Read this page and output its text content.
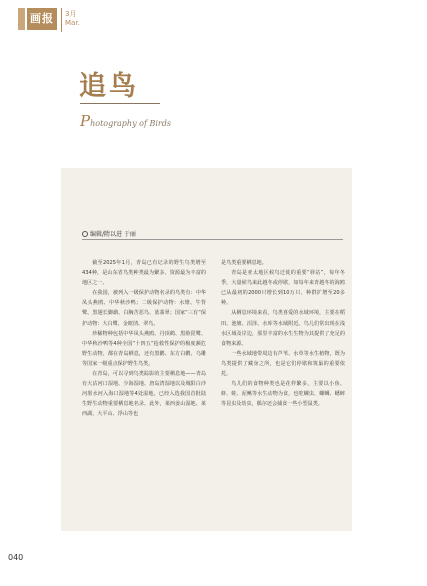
画报	3月
Mar.
追鸟
Photography of Birds
编辑/隋以进 于丽

截至2025年1月，青岛已有记录的野生鸟类增至434种，是山东省鸟类种类最为繁多、资源最为丰富的地区之一。

在我国，被列入一级保护动物名录的鸟类有：中华凤头燕鸥、中华秋沙鸭；二级保护动物：水雉、牛背鹭、黑翅长脚鹬、白胸苦恶鸟、蓝翡翠；国家“三有”保护动物：大白鹭、金眶鸻、翠鸟。

珍稀物种包括中华凤头燕鸥、丹顶鹤、黑脸琵鹭、中华秋沙鸭等4种全国“十四五”抢救性保护的极度濒危野生动物，都在青岛栖息，还有黑鹳、东方白鹳、乌雕等国家一级重点保护野生鸟类。

在青岛，可以寻到鸟类踪影的主要栖息地——青岛有大沽河口湿地、少海湿地、唐岛湾湿地以及城阳白沙河墨水河入海口湿地等4处湿地，已经入选我国首批陆生野生动物重要栖息地名录。此外，莱西姜山湿地、莱西湖、大平山、浮山等也

是鸟类重要栖息地。

青岛是亚太地区候鸟迁徙的重要“驿站”，每年冬季，大量候鸟来此越冬或停歇，如每年来青越冬的海鸥已从最初的2000只增长到10万只、种群扩增至20多种。

从栖息环境来看，鸟类喜爱的水域环境，主要在稻田、池塘、沼泽、水库等水域附近。鸟儿们常出现在浅水区域及岸边，那里丰富的水生生物为其提供了充足的食物来源。

一些水域地带周边有芦苇、水草等水生植物，既为鸟类提供了藏身之所，也是它们停歇和筑巢的重要依托。

鸟儿们的食物种类也是花样繁多，主要以小鱼、虾、蛙、泥鳅等水生动物为食，也吃螺虫、螺蛳、蟋蟀等昆虫及幼虫，偶尔还会捕食一些小型鼠类。

040
